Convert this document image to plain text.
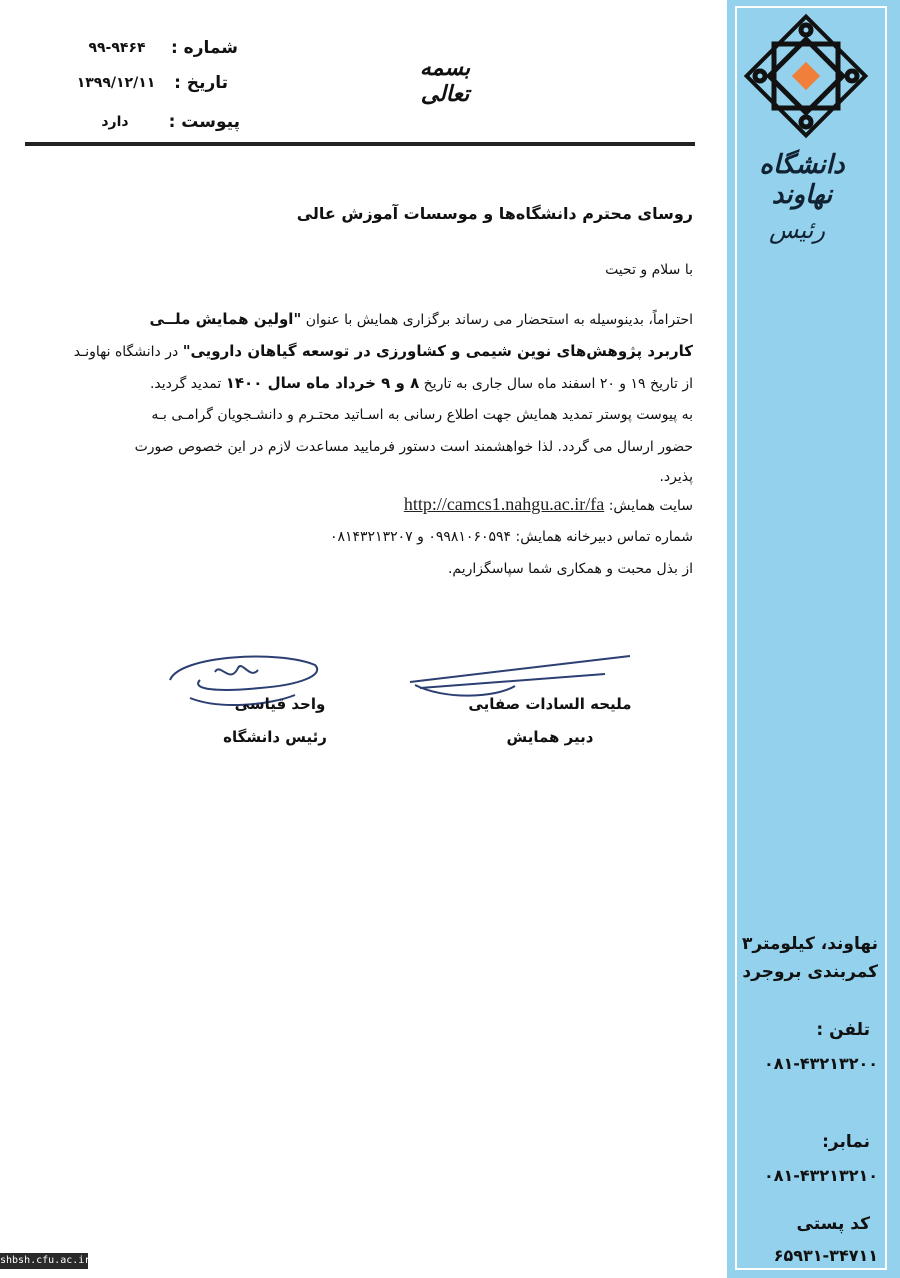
دانشگاه نهاوند
رئیس
نهاوند، کیلومتر۳
کمربندی بروجرد
تلفن :
۰۸۱-۴۳۲۱۳۲۰۰
نمابر:
۰۸۱-۴۳۲۱۳۲۱۰
کد پستی
۶۵۹۳۱-۳۴۷۱۱
شماره :
۹۹-۹۴۶۴
تاریخ :
۱۳۹۹/۱۲/۱۱
پیوست :
دارد
بسمه تعالی
روسای محترم دانشگاه‌ها و موسسات آموزش عالی
با سلام و تحیت
احتراماً، بدینوسیله به استحضار می رساند برگزاری همایش با عنوان "اولین همایش ملــی
کاربرد پژوهش‌های نوین شیمی و کشاورزی در توسعه گیاهان دارویی" در دانشگاه نهاونـد
از تاریخ ۱۹ و ۲۰ اسفند ماه سال جاری به تاریخ ۸ و ۹ خرداد ماه سال ۱۴۰۰ تمدید گردید.
به پیوست پوستر تمدید همایش جهت اطلاع رسانی به اسـاتید محتـرم و دانشـجویان گرامـی بـه
حضور ارسال می گردد. لذا خواهشمند است دستور فرمایید مساعدت لازم در این خصوص صورت
پذیرد.
سایت همایش: http://camcs1.nahgu.ac.ir/fa
شماره تماس دبیرخانه همایش: ۰۹۹۸۱۰۶۰۵۹۴ و ۰۸۱۴۳۲۱۳۲۰۷
از بذل محبت و همکاری شما سپاسگزاریم.
واحد قیاسی
رئیس دانشگاه
ملیحه السادات صفایی
دبیر همایش
shbsh.cfu.ac.ir
